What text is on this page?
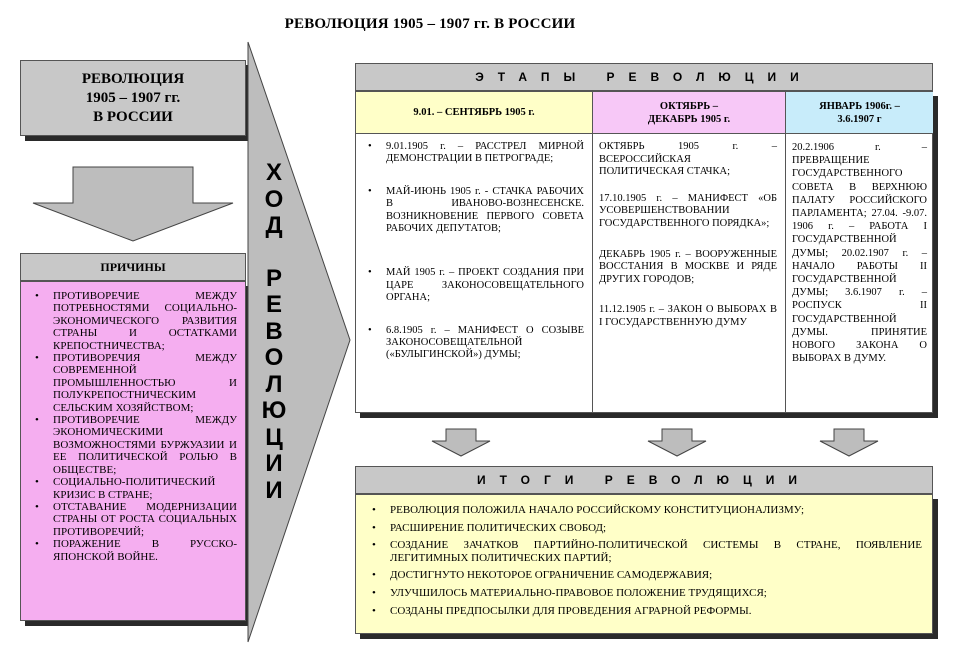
РЕВОЛЮЦИЯ 1905 – 1907 гг. В РОССИИ
РЕВОЛЮЦИЯ
1905 – 1907 гг.
В РОССИИ
ПРИЧИНЫ
• ПРОТИВОРЕЧИЕ МЕЖДУ ПОТРЕБНОСТЯМИ СОЦИАЛЬНО-ЭКОНОМИЧЕСКОГО РАЗВИТИЯ СТРАНЫ И ОСТАТКАМИ КРЕПОСТНИЧЕСТВА;
• ПРОТИВОРЕЧИЯ МЕЖДУ СОВРЕМЕННОЙ ПРОМЫШЛЕННОСТЬЮ И ПОЛУКРЕПОСТНИЧЕСКИМ СЕЛЬСКИМ ХОЗЯЙСТВОМ;
• ПРОТИВОРЕЧИЕ МЕЖДУ ЭКОНОМИЧЕСКИМИ ВОЗМОЖНОСТЯМИ БУРЖУАЗИИ И ЕЕ ПОЛИТИЧЕСКОЙ РОЛЬЮ В ОБЩЕСТВЕ;
• СОЦИАЛЬНО-ПОЛИТИЧЕСКИЙ КРИЗИС В СТРАНЕ;
• ОТСТАВАНИЕ МОДЕРНИЗАЦИИ СТРАНЫ ОТ РОСТА СОЦИАЛЬНЫХ ПРОТИВОРЕЧИЙ;
• ПОРАЖЕНИЕ В РУССКО-ЯПОНСКОЙ ВОЙНЕ.
Х
О
Д
Р
Е
В
О
Л
Ю
Ц
И
И
ЭТАПЫ РЕВОЛЮЦИИ
9.01. – СЕНТЯБРЬ 1905 г.
• 9.01.1905 г. – РАССТРЕЛ МИРНОЙ ДЕМОНСТРАЦИИ В ПЕТРОГРАДЕ;
• МАЙ-ИЮНЬ 1905 г. - СТАЧКА РАБОЧИХ В ИВАНОВО-ВОЗНЕСЕНСКЕ. ВОЗНИКНОВЕНИЕ ПЕРВОГО СОВЕТА РАБОЧИХ ДЕПУТАТОВ;
• МАЙ 1905 г. – ПРОЕКТ СОЗДАНИЯ ПРИ ЦАРЕ ЗАКОНОСОВЕЩАТЕЛЬНОГО ОРГАНА;
• 6.8.1905 г. – МАНИФЕСТ О СОЗЫВЕ ЗАКОНОСОВЕЩАТЕЛЬНОЙ («БУЛЫГИНСКОЙ») ДУМЫ;
ОКТЯБРЬ – ДЕКАБРЬ 1905 г.

ОКТЯБРЬ 1905 г. – ВСЕРОССИЙСКАЯ ПОЛИТИЧЕСКАЯ СТАЧКА;

17.10.1905 г. – МАНИФЕСТ «ОБ УСОВЕРШЕНСТВОВАНИИ ГОСУДАРСТВЕННОГО ПОРЯДКА»;

ДЕКАБРЬ 1905 г. – ВООРУЖЕННЫЕ ВОССТАНИЯ В МОСКВЕ И РЯДЕ ДРУГИХ ГОРОДОВ;

11.12.1905 г. – ЗАКОН О ВЫБОРАХ В I ГОСУДАРСТВЕННУЮ ДУМУ

ЯНВАРЬ 1906г. – 3.6.1907 г

20.2.1906 г. – ПРЕВРАЩЕНИЕ ГОСУДАРСТВЕННОГО СОВЕТА В ВЕРХНЮЮ ПАЛАТУ РОССИЙСКОГО ПАРЛАМЕНТА; 27.04. -9.07. 1906 г. – РАБОТА I ГОСУДАРСТВЕННОЙ ДУМЫ; 20.02.1907 г. – НАЧАЛО РАБОТЫ II ГОСУДАРСТВЕННОЙ ДУМЫ; 3.6.1907 г. – РОСПУСК II ГОСУДАРСТВЕННОЙ ДУМЫ. ПРИНЯТИЕ НОВОГО ЗАКОНА О ВЫБОРАХ В ДУМУ.

ИТОГИ РЕВОЛЮЦИИ
• РЕВОЛЮЦИЯ ПОЛОЖИЛА НАЧАЛО РОССИЙСКОМУ КОНСТИТУЦИОНАЛИЗМУ;
• РАСШИРЕНИЕ ПОЛИТИЧЕСКИХ СВОБОД;
• СОЗДАНИЕ ЗАЧАТКОВ ПАРТИЙНО-ПОЛИТИЧЕСКОЙ СИСТЕМЫ В СТРАНЕ, ПОЯВЛЕНИЕ ЛЕГИТИМНЫХ ПОЛИТИЧЕСКИХ ПАРТИЙ;
• ДОСТИГНУТО НЕКОТОРОЕ ОГРАНИЧЕНИЕ САМОДЕРЖАВИЯ;
• УЛУЧШИЛОСЬ МАТЕРИАЛЬНО-ПРАВОВОЕ ПОЛОЖЕНИЕ ТРУДЯЩИХСЯ;
• СОЗДАНЫ ПРЕДПОСЫЛКИ ДЛЯ ПРОВЕДЕНИЯ АГРАРНОЙ РЕФОРМЫ.
